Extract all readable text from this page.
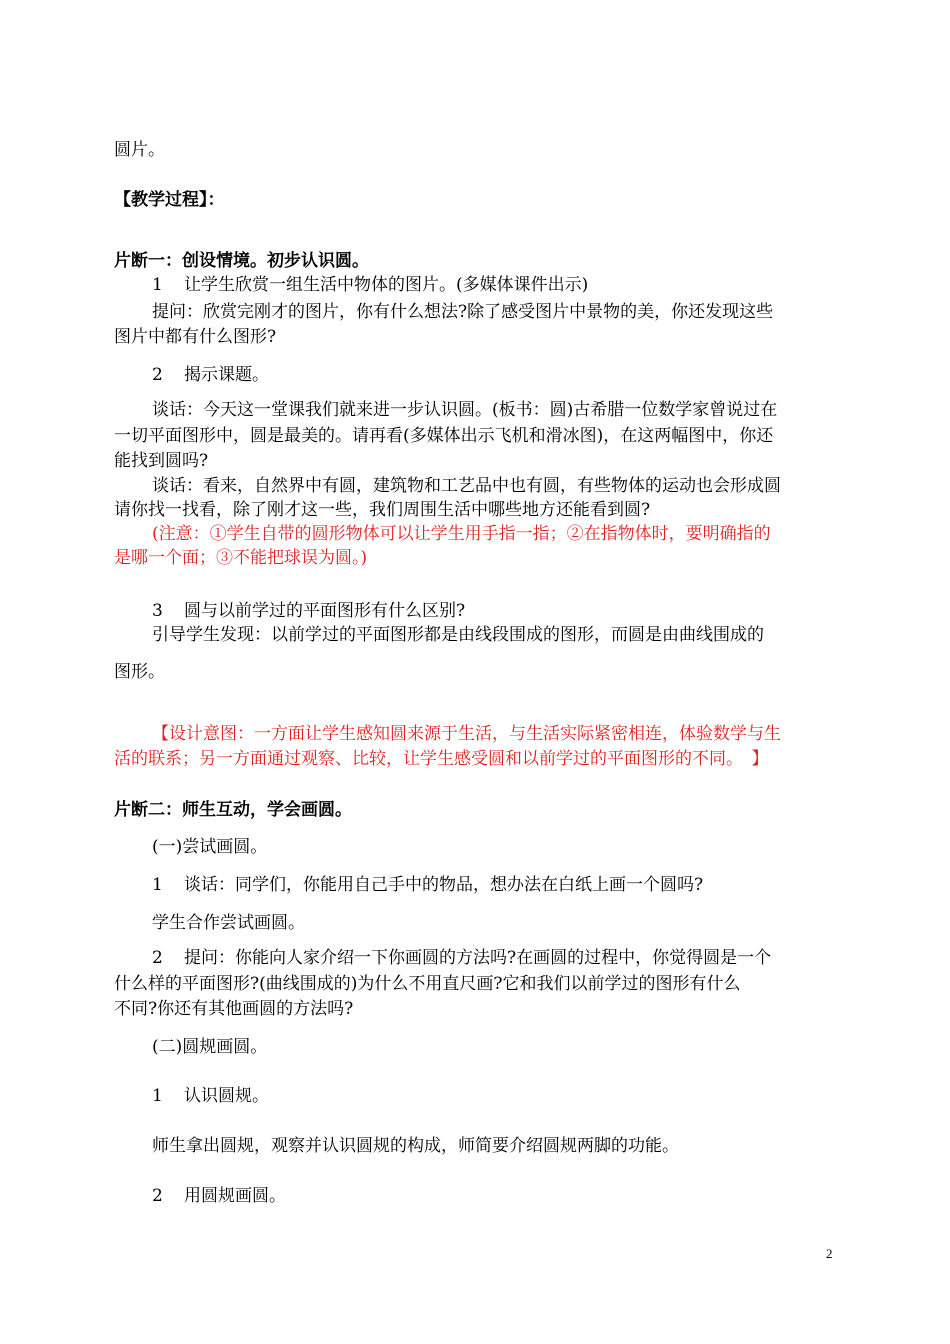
圆片。
【教学过程】：
片断一：创设情境。初步认识圆。
1 让学生欣赏一组生活中物体的图片。(多媒体课件出示)
提问：欣赏完刚才的图片，你有什么想法?除了感受图片中景物的美，你还发现这些
图片中都有什么图形?
2 揭示课题。
谈话：今天这一堂课我们就来进一步认识圆。(板书：圆)古希腊一位数学家曾说过在
一切平面图形中，圆是最美的。请再看(多媒体出示飞机和滑冰图)，在这两幅图中，你还
能找到圆吗?
谈话：看来，自然界中有圆，建筑物和工艺品中也有圆，有些物体的运动也会形成圆
请你找一找看，除了刚才这一些，我们周围生活中哪些地方还能看到圆?
(注意：①学生自带的圆形物体可以让学生用手指一指；②在指物体时，要明确指的
是哪一个面；③不能把球误为圆。)
3 圆与以前学过的平面图形有什么区别?
引导学生发现：以前学过的平面图形都是由线段围成的图形，而圆是由曲线围成的
图形。
【设计意图：一方面让学生感知圆来源于生活，与生活实际紧密相连，体验数学与生
活的联系；另一方面通过观察、比较，让学生感受圆和以前学过的平面图形的不同。　】
片断二：师生互动，学会画圆。
(一)尝试画圆。
1 谈话：同学们，你能用自己手中的物品，想办法在白纸上画一个圆吗?
学生合作尝试画圆。
2 提问：你能向人家介绍一下你画圆的方法吗?在画圆的过程中，你觉得圆是一个
什么样的平面图形?(曲线围成的)为什么不用直尺画?它和我们以前学过的图形有什么
不同?你还有其他画圆的方法吗?
(二)圆规画圆。
1 认识圆规。
师生拿出圆规，观察并认识圆规的构成，师简要介绍圆规两脚的功能。
2 用圆规画圆。
2
